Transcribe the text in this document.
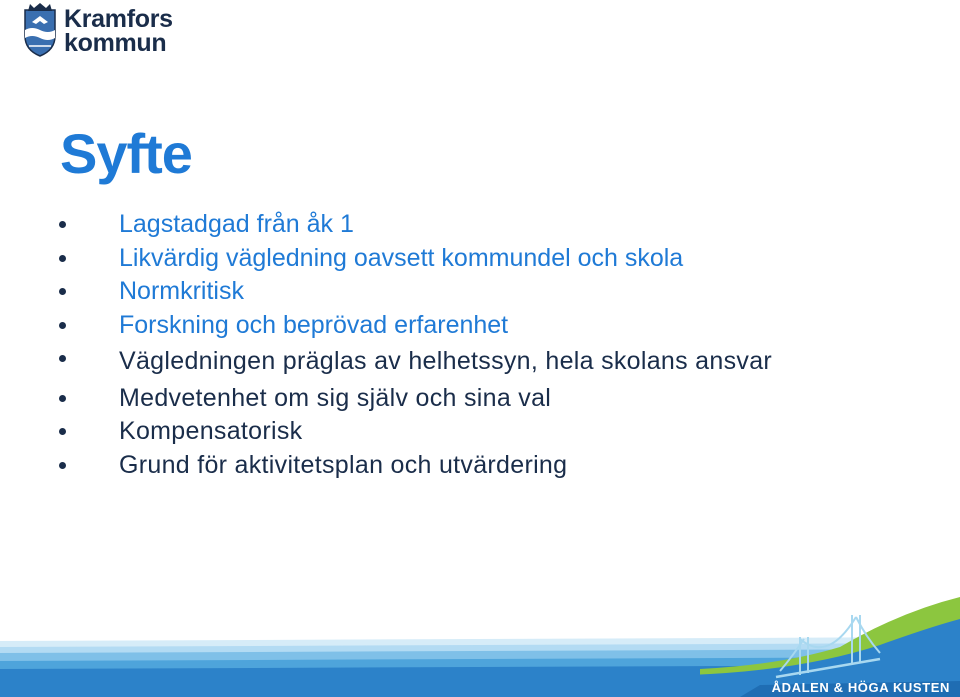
Kramfors
kommun
Syfte
Lagstadgad från åk 1
Likvärdig vägledning oavsett kommundel och skola
Normkritisk
Forskning och beprövad erfarenhet
Vägledningen präglas av helhetssyn, hela skolans ansvar
Medvetenhet om sig själv och sina val
Kompensatorisk
Grund för aktivitetsplan och utvärdering
ÅDALEN & HÖGA KUSTEN
